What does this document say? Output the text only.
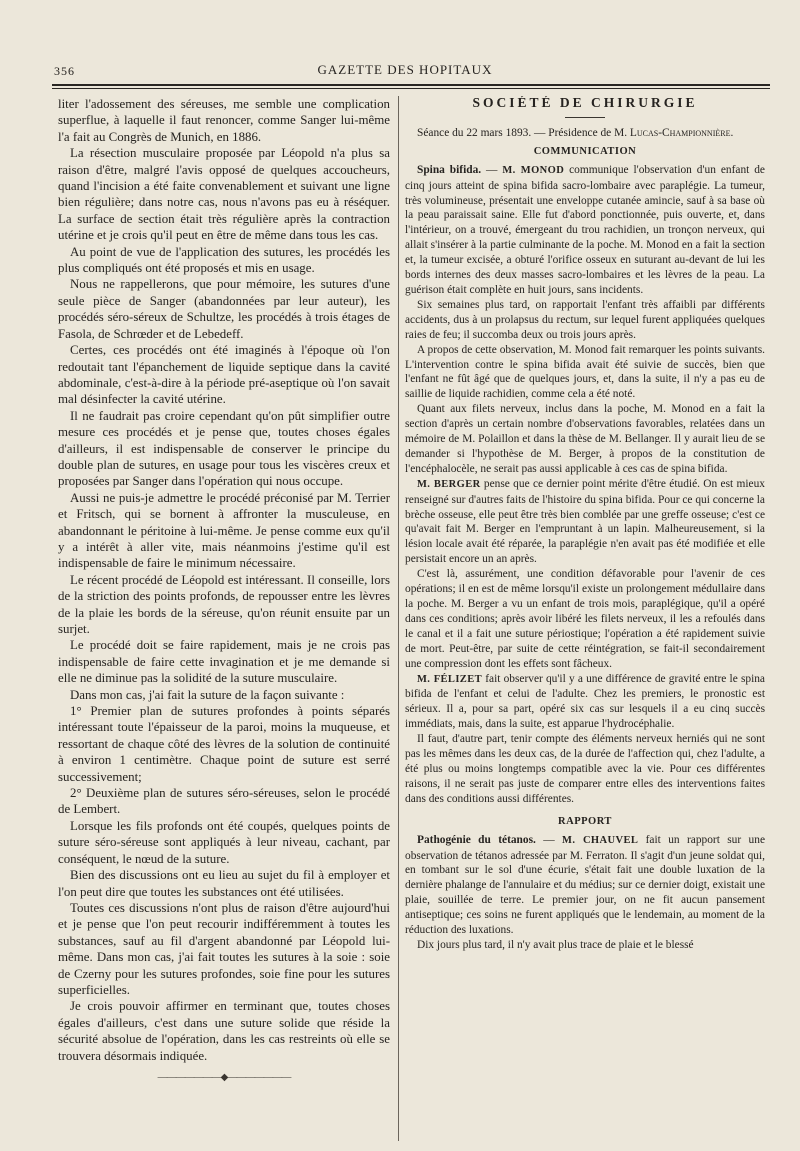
356	GAZETTE DES HOPITAUX

liter l'adossement des séreuses, me semble une complication superflue, à laquelle il faut renoncer, comme Sanger lui-même l'a fait au Congrès de Munich, en 1886.

La résection musculaire proposée par Léopold n'a plus sa raison d'être, malgré l'avis opposé de quelques accoucheurs, quand l'incision a été faite convenablement et suivant une ligne bien régulière; dans notre cas, nous n'avons pas eu à réséquer. La surface de section était très régulière après la contraction utérine et je crois qu'il peut en être de même dans tous les cas.

Au point de vue de l'application des sutures, les procédés les plus compliqués ont été proposés et mis en usage.

Nous ne rappellerons, que pour mémoire, les sutures d'une seule pièce de Sanger (abandonnées par leur auteur), les procédés séro-séreux de Schultze, les procédés à trois étages de Fasola, de Schrœder et de Lebedeff.

Certes, ces procédés ont été imaginés à l'époque où l'on redoutait tant l'épanchement de liquide septique dans la cavité abdominale, c'est-à-dire à la période pré-aseptique où l'on savait mal désinfecter la cavité utérine.

Il ne faudrait pas croire cependant qu'on pût simplifier outre mesure ces procédés et je pense que, toutes choses égales d'ailleurs, il est indispensable de conserver le principe du double plan de sutures, en usage pour tous les viscères creux et proposées par Sanger dans l'opération qui nous occupe.

Aussi ne puis-je admettre le procédé préconisé par M. Terrier et Fritsch, qui se bornent à affronter la musculeuse, en abandonnant le péritoine à lui-même. Je pense comme eux qu'il y a intérêt à aller vite, mais néanmoins j'estime qu'il est indispensable de faire le minimum nécessaire.

Le récent procédé de Léopold est intéressant. Il conseille, lors de la striction des points profonds, de repousser entre les lèvres de la plaie les bords de la séreuse, qu'on réunit ensuite par un surjet.

Le procédé doit se faire rapidement, mais je ne crois pas indispensable de faire cette invagination et je me demande si elle ne diminue pas la solidité de la suture musculaire.

Dans mon cas, j'ai fait la suture de la façon suivante :

1° Premier plan de sutures profondes à points séparés intéressant toute l'épaisseur de la paroi, moins la muqueuse, et ressortant de chaque côté des lèvres de la solution de continuité à environ 1 centimètre. Chaque point de suture est serré successivement;

2° Deuxième plan de sutures séro-séreuses, selon le procédé de Lembert.

Lorsque les fils profonds ont été coupés, quelques points de suture séro-séreuse sont appliqués à leur niveau, cachant, par conséquent, le nœud de la suture.

Bien des discussions ont eu lieu au sujet du fil à employer et l'on peut dire que toutes les substances ont été utilisées.

Toutes ces discussions n'ont plus de raison d'être aujourd'hui et je pense que l'on peut recourir indifféremment à toutes les substances, sauf au fil d'argent abandonné par Léopold lui-même. Dans mon cas, j'ai fait toutes les sutures à la soie : soie de Czerny pour les sutures profondes, soie fine pour les sutures superficielles.

Je crois pouvoir affirmer en terminant que, toutes choses égales d'ailleurs, c'est dans une suture solide que réside la sécurité absolue de l'opération, dans les cas restreints où elle se trouvera désormais indiquée.

———————◆———————
SOCIÉTÉ DE CHIRURGIE

Séance du 22 mars 1893. — Présidence de M. Lucas-Championnière.

COMMUNICATION

Spina bifida. — M. MONOD communique l'observation d'un enfant de cinq jours atteint de spina bifida sacro-lombaire avec paraplégie. La tumeur, très volumineuse, présentait une enveloppe cutanée amincie, sauf à sa base où la peau paraissait saine. Elle fut d'abord ponctionnée, puis ouverte, et, dans l'intérieur, on a trouvé, émergeant du trou rachidien, un tronçon nerveux, qui allait s'insérer à la partie culminante de la poche. M. Monod en a fait la section et, la tumeur excisée, a obturé l'orifice osseux en suturant au-devant de lui les bords internes des deux masses sacro-lombaires et les lèvres de la peau. La guérison était complète en huit jours, sans incidents.

Six semaines plus tard, on rapportait l'enfant très affaibli par différents accidents, dus à un prolapsus du rectum, sur lequel furent appliquées quelques raies de feu; il succomba deux ou trois jours après.

A propos de cette observation, M. Monod fait remarquer les points suivants. L'intervention contre le spina bifida avait été suivie de succès, bien que l'enfant ne fût âgé que de quelques jours, et, dans la suite, il n'y a pas eu de saillie de liquide rachidien, comme cela a été noté.

Quant aux filets nerveux, inclus dans la poche, M. Monod en a fait la section d'après un certain nombre d'observations favorables, relatées dans un mémoire de M. Polaillon et dans la thèse de M. Bellanger. Il y aurait lieu de se demander si l'hypothèse de M. Berger, à propos de la constitution de l'encéphalocèle, ne serait pas aussi applicable à ces cas de spina bifida.

M. BERGER pense que ce dernier point mérite d'être étudié. On est mieux renseigné sur d'autres faits de l'histoire du spina bifida. Pour ce qui concerne la brèche osseuse, elle peut être très bien comblée par une greffe osseuse; c'est ce qu'avait fait M. Berger en l'empruntant à un lapin. Malheureusement, si la lésion locale avait été réparée, la paraplégie n'en avait pas été modifiée et elle persistait encore un an après.

C'est là, assurément, une condition défavorable pour l'avenir de ces opérations; il en est de même lorsqu'il existe un prolongement médullaire dans la poche. M. Berger a vu un enfant de trois mois, paraplégique, qu'il a opéré dans ces conditions; après avoir libéré les filets nerveux, il les a refoulés dans le canal et il a fait une suture périostique; l'opération a été rapidement suivie de mort. Peut-être, par suite de cette réintégration, se fait-il secondairement une compression dont les effets sont fâcheux.

M. FÉLIZET fait observer qu'il y a une différence de gravité entre le spina bifida de l'enfant et celui de l'adulte. Chez les premiers, le pronostic est sérieux. Il a, pour sa part, opéré six cas sur lesquels il a eu cinq succès immédiats, mais, dans la suite, est apparue l'hydrocéphalie.

Il faut, d'autre part, tenir compte des éléments nerveux herniés qui ne sont pas les mêmes dans les deux cas, de la durée de l'affection qui, chez l'adulte, a été plus ou moins longtemps compatible avec la vie. Pour ces différentes raisons, il ne serait pas juste de comparer entre elles des interventions faites dans des conditions aussi différentes.

RAPPORT

Pathogénie du tétanos. — M. CHAUVEL fait un rapport sur une observation de tétanos adressée par M. Ferraton. Il s'agit d'un jeune soldat qui, en tombant sur le sol d'une écurie, s'était fait une double luxation de la dernière phalange de l'annulaire et du médius; sur ce dernier doigt, existait une plaie, souillée de terre. Le premier jour, on ne fit aucun pansement antiseptique; ces soins ne furent appliqués que le lendemain, au moment de la réduction des luxations.

Dix jours plus tard, il n'y avait plus trace de plaie et le blessé
